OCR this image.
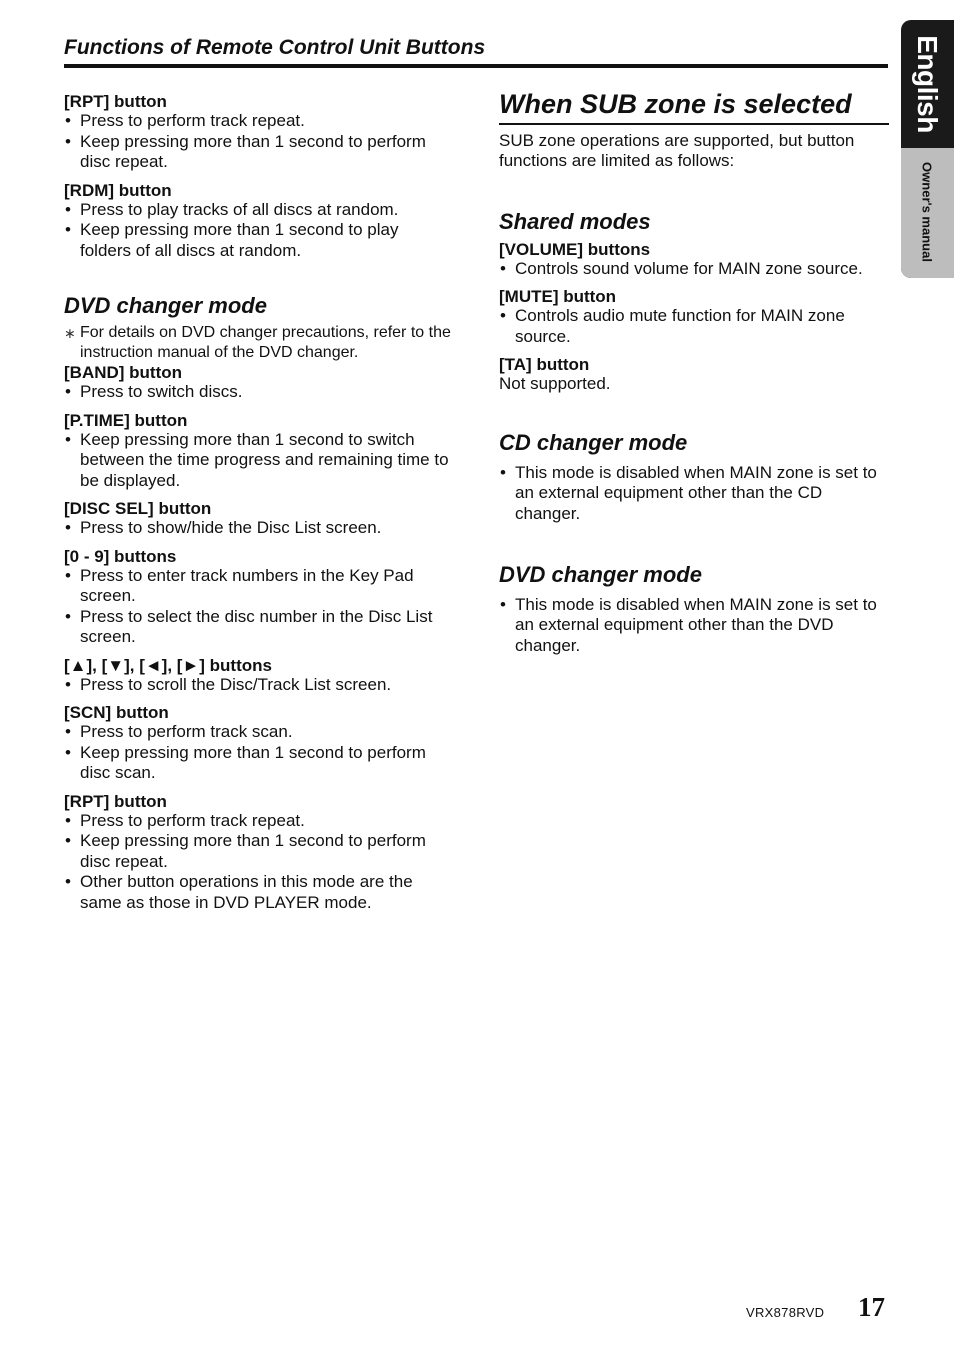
Functions of Remote Control Unit Buttons	English
Owner's manual
[RPT] button
• Press to perform track repeat.
• Keep pressing more than 1 second to perform disc repeat.
[RDM] button
• Press to play tracks of all discs at random.
• Keep pressing more than 1 second to play folders of all discs at random.
DVD changer mode

∗ For details on DVD changer precautions, refer to the instruction manual of the DVD changer.

[BAND] button
• Press to switch discs.
[P.TIME] button
• Keep pressing more than 1 second to switch between the time progress and remaining time to be displayed.
[DISC SEL] button
• Press to show/hide the Disc List screen.
[0 - 9] buttons
• Press to enter track numbers in the Key Pad screen.
• Press to select the disc number in the Disc List screen.
[▲], [▼], [◄], [►] buttons
• Press to scroll the Disc/Track List screen.
[SCN] button
• Press to perform track scan.
• Keep pressing more than 1 second to perform disc scan.
[RPT] button
• Press to perform track repeat.
• Keep pressing more than 1 second to perform disc repeat.
• Other button operations in this mode are the same as those in DVD PLAYER mode.
When SUB zone is selected

SUB zone operations are supported, but button functions are limited as follows:

Shared modes
[VOLUME] buttons
• Controls sound volume for MAIN zone source.
[MUTE] button
• Controls audio mute function for MAIN zone source.
[TA] button

Not supported.

CD changer mode
• This mode is disabled when MAIN zone is set to an external equipment other than the CD changer.
DVD changer mode
• This mode is disabled when MAIN zone is set to an external equipment other than the DVD changer.
VRX878RVD 17
